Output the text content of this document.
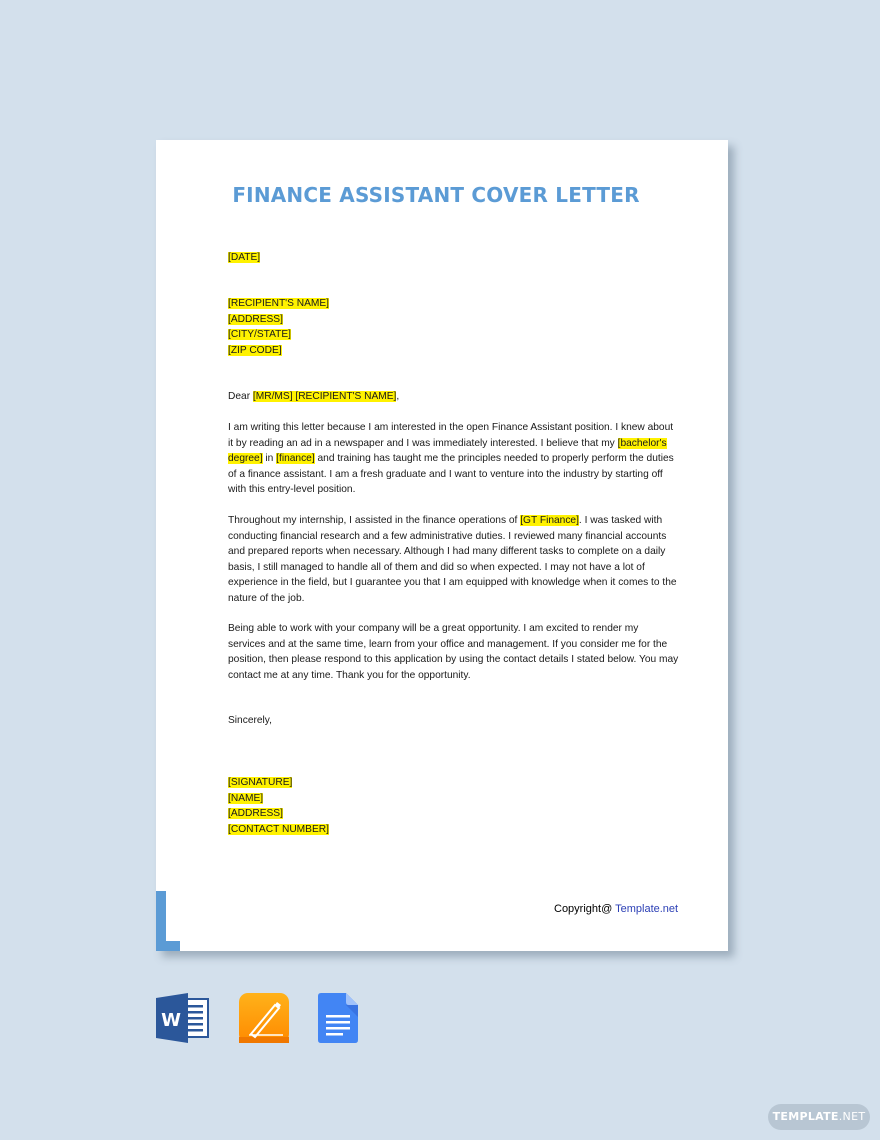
FINANCE ASSISTANT COVER LETTER
[DATE]
[RECIPIENT'S NAME]
[ADDRESS]
[CITY/STATE]
[ZIP CODE]
Dear [MR/MS] [RECIPIENT'S NAME],
I am writing this letter because I am interested in the open Finance Assistant position. I knew about
it by reading an ad in a newspaper and I was immediately interested. I believe that my [bachelor's
degree] in [finance] and training has taught me the principles needed to properly perform the duties
of a finance assistant. I am a fresh graduate and I want to venture into the industry by starting off
with this entry-level position.
Throughout my internship, I assisted in the finance operations of [GT Finance]. I was tasked with
conducting financial research and a few administrative duties. I reviewed many financial accounts
and prepared reports when necessary. Although I had many different tasks to complete on a daily
basis, I still managed to handle all of them and did so when expected. I may not have a lot of
experience in the field, but I guarantee you that I am equipped with knowledge when it comes to the
nature of the job.
Being able to work with your company will be a great opportunity. I am excited to render my
services and at the same time, learn from your office and management. If you consider me for the
position, then please respond to this application by using the contact details I stated below. You may
contact me at any time. Thank you for the opportunity.
Sincerely,
[SIGNATURE]
[NAME]
[ADDRESS]
[CONTACT NUMBER]
Copyright@ Template.net
W
TEMPLATE.NET
